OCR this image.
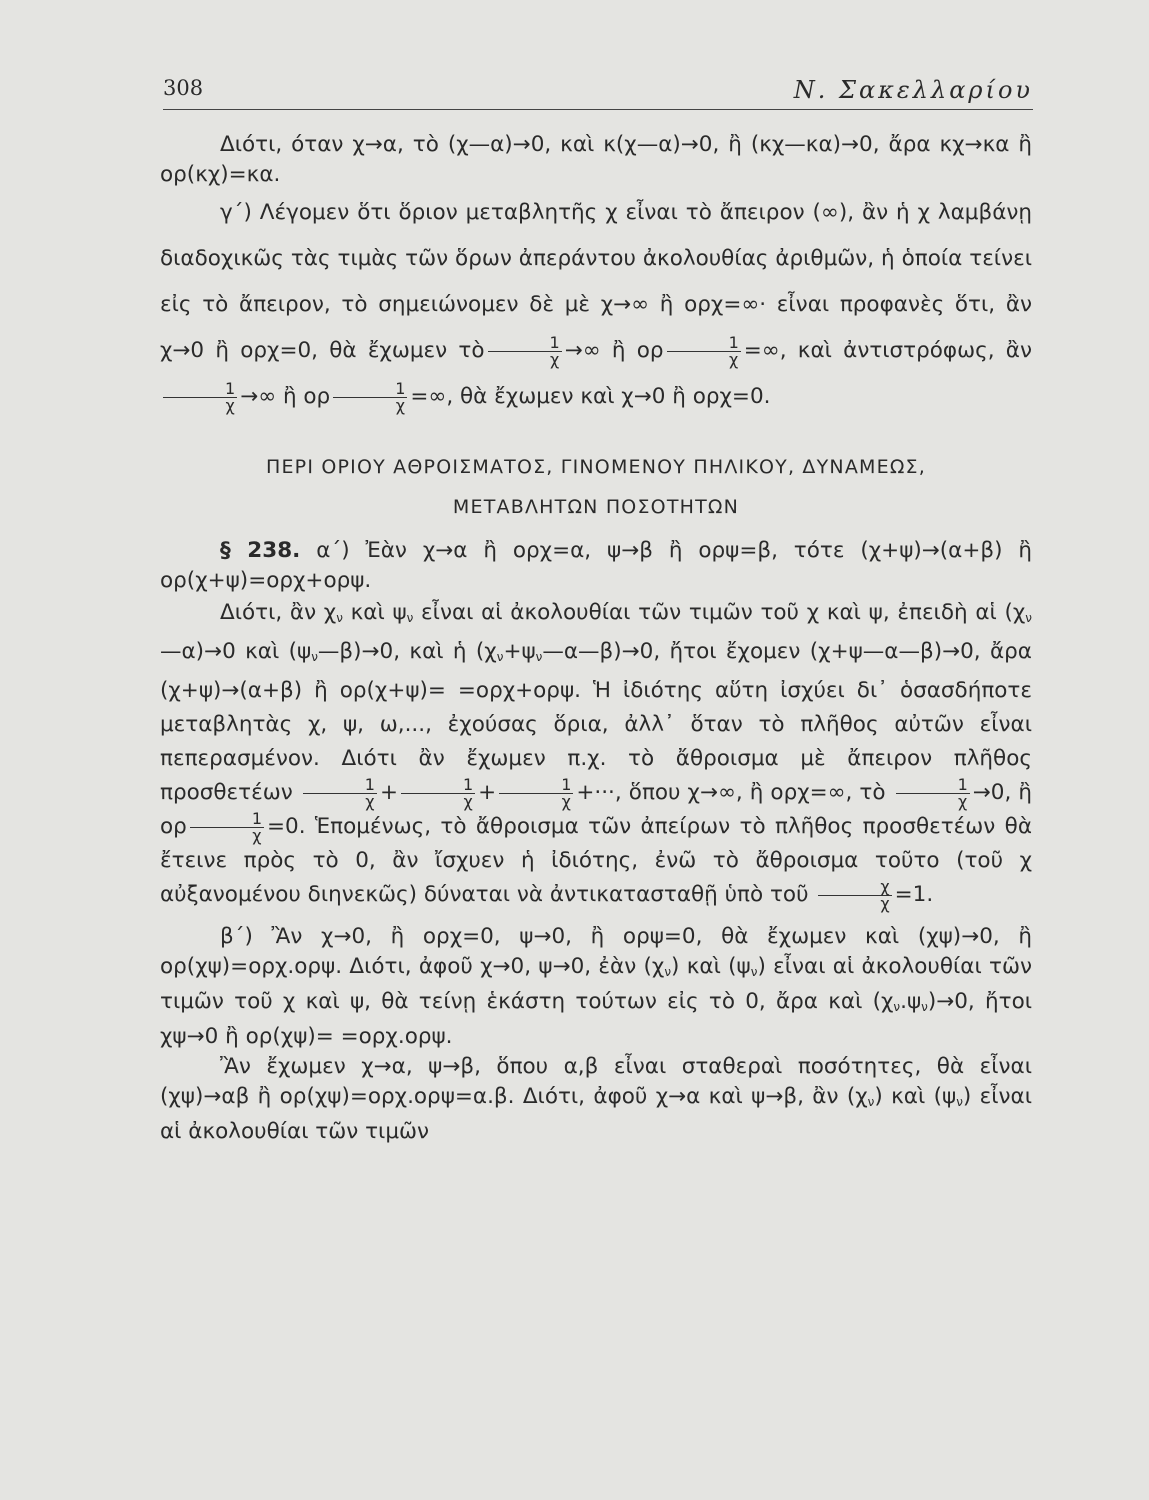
308	Ν. Σακελλαρίου

Διότι, όταν χ→α, τὸ (χ—α)→0, καὶ κ(χ—α)→0, ἢ (κχ—κα)→0, ἄρα κχ→κα ἢ ορ(κχ)=κα.

γ΄) Λέγομεν ὅτι ὅριον μεταβλητῆς χ εἶναι τὸ ἄπειρον (∞), ἂν ἡ χ λαμβάνῃ διαδοχικῶς τὰς τιμὰς τῶν ὅρων ἀπεράντου ἀκολουθίας ἀριθμῶν, ἡ ὁποία τείνει εἰς τὸ ἄπειρον, τὸ σημειώνομεν δὲ μὲ χ→∞ ἢ ορχ=∞· εἶναι προφανὲς ὅτι, ἂν χ→0 ἢ ορχ=0, θὰ ἔχωμεν τὸ $\frac{1}{\chi}$ →∞ ἢ ορ $\frac{1}{\chi}$ =∞, καὶ ἀντιστρόφως, ἂν
$\frac{1}{\chi}$ →∞ ἢ ορ $\frac{1}{\chi}$ =∞, θὰ ἔχωμεν καὶ χ→0 ἢ ορχ=0.

ΠΕΡΙ ΟΡΙΟΥ ΑΘΡΟΙΣΜΑΤΟΣ, ΓΙΝΟΜΕΝΟΥ ΠΗΛΙΚΟΥ, ΔΥΝΑΜΕΩΣ,
ΜΕΤΑΒΛΗΤΩΝ ΠΟΣΟΤΗΤΩΝ

§ 238. α΄) Ἐὰν χ→α ἢ ορχ=α, ψ→β ἢ ορψ=β, τότε (χ+ψ)→(α+β) ἢ ορ(χ+ψ)=ορχ+ορψ.

Διότι, ἂν $\chi_\nu$ καὶ $\psi_\nu$ εἶναι αἱ ἀκολουθίαι τῶν τιμῶν τοῦ χ καὶ ψ, ἐπειδὴ αἱ $(\chi_\nu—\alpha)\to 0$ καὶ $(\psi_\nu—\beta)\to 0$, καὶ ἡ $(\chi_\nu+\psi_\nu—\alpha—\beta)\to 0$, ἤτοι ἔχομεν (χ+ψ—α—β)→0, ἄρα (χ+ψ)→(α+β) ἢ ορ(χ+ψ)= =ορχ+ορψ. Ἡ ἰδιότης αὕτη ἰσχύει δι᾽ ὁσασδήποτε μεταβλητὰς χ, ψ, ω,..., ἐχούσας ὅρια, ἀλλ᾽ ὅταν τὸ πλῆθος αὐτῶν εἶναι πεπερασμένον. Διότι ἂν ἔχωμεν π.χ. τὸ ἄθροισμα μὲ ἄπειρον πλῆθος προσθετέων $\frac{1}{\chi} + \frac{1}{\chi} + \frac{1}{\chi}$ +···, ὅπου χ→∞, ἢ ορχ=∞, τὸ $\frac{1}{\chi} \to 0$, ἢ ορ $\frac{1}{\chi} =0$. Ἑπομένως, τὸ ἄθροισμα τῶν ἀπείρων τὸ πλῆθος προσθετέων θὰ ἔτεινε πρὸς τὸ 0, ἂν ἴσχυεν ἡ ἰδιότης, ἐνῶ τὸ ἄθροισμα τοῦτο (τοῦ χ αὐξανομένου διηνεκῶς) δύναται νὰ ἀντικατασταθῇ ὑπὸ τοῦ $\frac{\chi}{\chi} =1$.

β΄) Ἂν χ→0, ἢ ορχ=0, ψ→0, ἢ ορψ=0, θὰ ἔχωμεν καὶ (χψ)→0, ἢ ορ(χψ)=ορχ.ορψ. Διότι, ἀφοῦ χ→0, ψ→0, ἐὰν $(\chi_\nu)$ καὶ $(\psi_\nu)$ εἶναι αἱ ἀκολουθίαι τῶν τιμῶν τοῦ χ καὶ ψ, θὰ τείνῃ ἑκάστη τούτων εἰς τὸ 0, ἄρα καὶ $(\chi_\nu.\psi_\nu)\to 0$, ἤτοι χψ→0 ἢ ορ(χψ)= =ορχ.ορψ.

Ἂν ἔχωμεν χ→α, ψ→β, ὅπου α,β εἶναι σταθεραὶ ποσότητες, θὰ εἶναι (χψ)→αβ ἢ ορ(χψ)=ορχ.ορψ=α.β. Διότι, ἀφοῦ χ→α καὶ ψ→β, ἂν $(\chi_\nu)$ καὶ $(\psi_\nu)$ εἶναι αἱ ἀκολουθίαι τῶν τιμῶν
